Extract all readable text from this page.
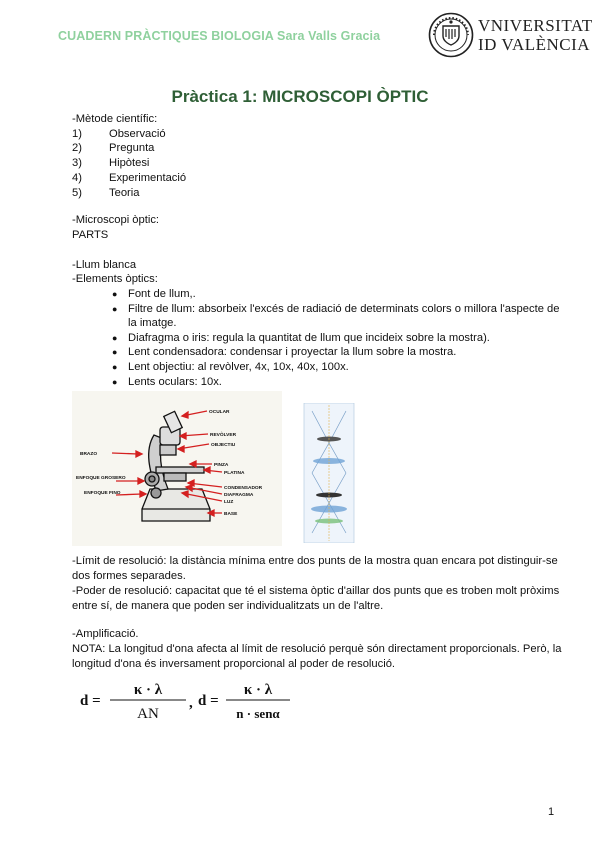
CUADERN PRÀCTIQUES BIOLOGIA Sara Valls Gracia
VNIVERSITAT
ID VALÈNCIA
Pràctica 1: MICROSCOPI ÒPTIC
-Mètode científic:
1)	Observació
2)	Pregunta
3)	Hipòtesi
4)	Experimentació
5)	Teoria
-Microscopi òptic:
PARTS
-Llum blanca
-Elements òptics:
● Font de llum,.
● Filtre de llum: absorbeix l'excés de radiació de determinats colors o millora l'aspecte de la imatge.
● Diafragma o iris: regula la quantitat de llum que incideix sobre la mostra).
● Lent condensadora: condensar i proyectar la llum sobre la mostra.
● Lent objectiu: al revòlver, 4x, 10x, 40x, 100x.
● Lents oculars: 10x.
OCULAR
REVÒLVER
OBJECTIU
BRAZO
PINZA
PLATINA
ENFOQUE GROSERO
ENFOQUE FINO
CONDENSADOR
DIAFRAGMA
LUZ
BASE
-Límit de resolució: la distància mínima entre dos punts de la mostra quan encara pot distinguir-se dos formes separades.
-Poder de resolució: capacitat que té el sistema òptic d'aillar dos punts que es troben molt pròxims entre sí, de manera que poden ser individualitzats un de l'altre.
-Amplificació.
NOTA: La longitud d'ona afecta al límit de resolució perquè són directament proporcionals. Però, la longitud d'ona és inversament proporcional al poder de resolució.
d =
κ · λ
AN
, d =
κ · λ
n · senα
1
